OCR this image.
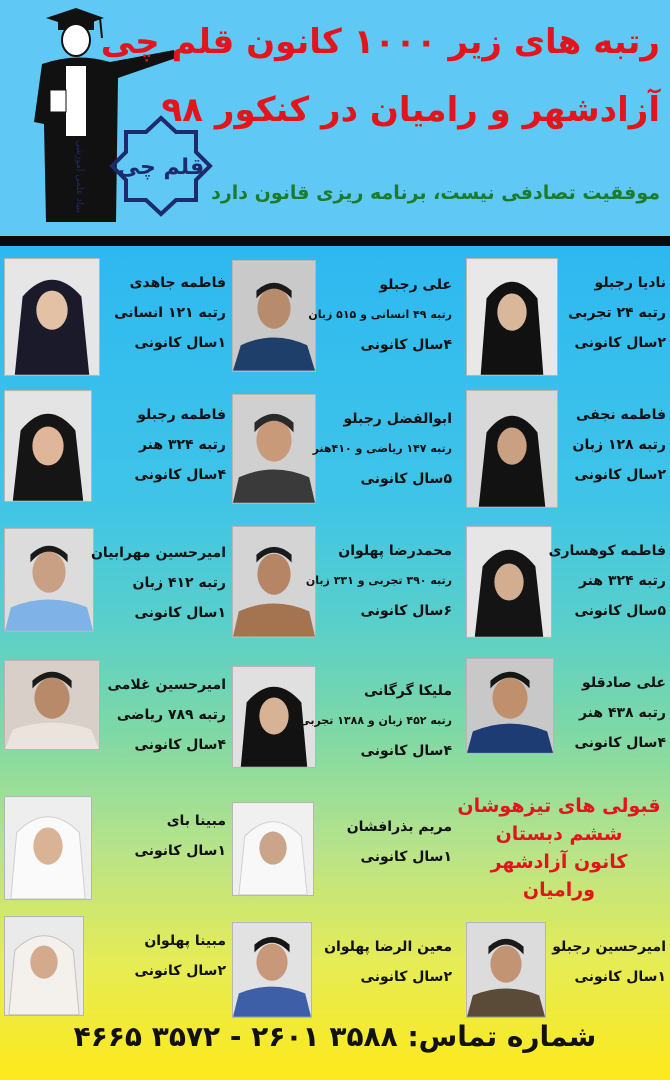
قلم چی
بنیاد علمی آموزشی
رتبه های زیر ۱۰۰۰ کانون قلم چی
آزادشهر و رامیان در کنکور ۹۸
موفقیت تصادفی نیست، برنامه ریزی قانون دارد
نادیا رجبلو
رتبه ۲۴ تجربی
۲سال کانونی
علی رجبلو
رتبه ۴۹ انسانی و ۵۱۵ زبان
۴سال کانونی
فاطمه جاهدی
رتبه ۱۲۱ انسانی
۱سال کانونی
فاطمه نجفی
رتبه ۱۲۸ زبان
۲سال کانونی
ابوالفضل رجبلو
رتبه ۱۴۷ ریاضی و ۴۱۰هنر
۵سال کانونی
فاطمه رجبلو
رتبه ۳۲۴ هنر
۴سال کانونی
فاطمه کوهساری
رتبه ۳۲۴ هنر
۵سال کانونی
محمدرضا پهلوان
رتبه ۳۹۰ تجربی و ۳۳۱ زبان
۶سال کانونی
امیرحسین مهرابیان
رتبه ۴۱۲ زبان
۱سال کانونی
علی صادقلو
رتبه ۴۳۸ هنر
۴سال کانونی
ملیکا گرگانی
رتبه ۴۵۲ زبان و ۱۳۸۸ تجربی
۴سال کانونی
امیرحسین غلامی
رتبه ۷۸۹ ریاضی
۴سال کانونی
قبولی های تیزهوشان
ششم دبستان
کانون آزادشهر ورامیان
مریم بذرافشان
۱سال کانونی
مبینا بای
۱سال کانونی
امیرحسین رجبلو
۱سال کانونی
معین الرضا پهلوان
۲سال کانونی
مبینا پهلوان
۲سال کانونی
شماره تماس: ۳۵۸۸ ۲۶۰۱ - ۳۵۷۲ ۴۶۶۵
